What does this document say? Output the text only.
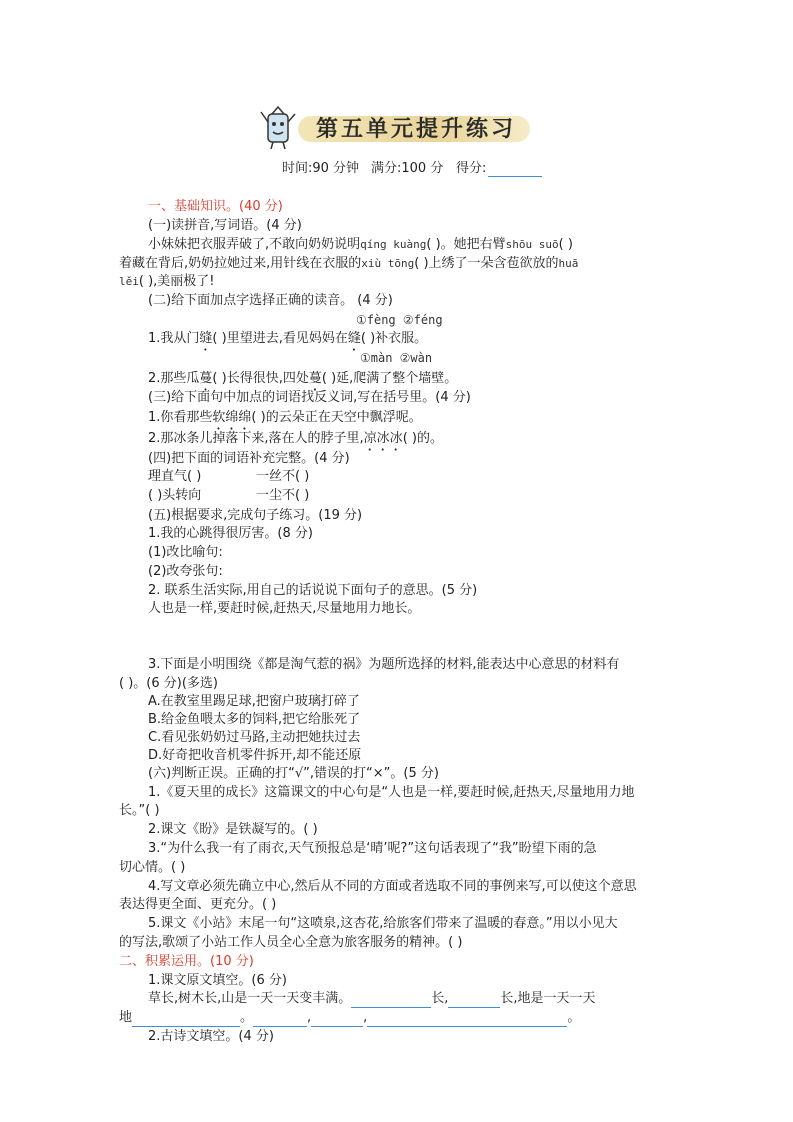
第五单元提升练习
时间:90 分钟 满分:100 分 得分:
一、基础知识。(40 分)
(一)读拼音,写词语。(4 分)
小妹妹把衣服弄破了,不敢向奶奶说明qíng kuàng( )。她把右臂shōu suō( )
着藏在背后,奶奶拉她过来,用针线在衣服的xiù tōng( )上绣了一朵含苞欲放的huā
lěi( ),美丽极了!
(二)给下面加点字选择正确的读音。 (4 分)
①fèng ②féng
1.我从门缝( )里望进去,看见妈妈在缝( )补衣服。
①màn ②wàn
2.那些瓜蔓( )长得很快,四处蔓( )延,爬满了整个墙壁。
(三)给下面句中加点的词语找反义词,写在括号里。(4 分)
1.你看那些软绵绵( )的云朵正在天空中飘浮呢。
2.那冰条儿掉落下来,落在人的脖子里,凉冰冰( )的。
(四)把下面的词语补充完整。(4 分)
理直气( )	一丝不( )
( )头转向	一尘不( )
(五)根据要求,完成句子练习。(19 分)
1.我的心跳得很厉害。(8 分)
(1)改比喻句:
(2)改夸张句:
2. 联系生活实际,用自己的话说说下面句子的意思。(5 分)
人也是一样,要赶时候,赶热天,尽量地用力地长。
3.下面是小明围绕《都是淘气惹的祸》为题所选择的材料,能表达中心意思的材料有
( )。(6 分)(多选)
A.在教室里踢足球,把窗户玻璃打碎了
B.给金鱼喂太多的饲料,把它给胀死了
C.看见张奶奶过马路,主动把她扶过去
D.好奇把收音机零件拆开,却不能还原
(六)判断正误。正确的打“√”,错误的打“×”。(5 分)
1.《夏天里的成长》这篇课文的中心句是“人也是一样,要赶时候,赶热天,尽量地用力地
长。”( )
2.课文《盼》是铁凝写的。( )
3.“为什么我一有了雨衣,天气预报总是‘晴’呢?”这句话表现了“我”盼望下雨的急
切心情。( )
4.写文章必须先确立中心,然后从不同的方面或者选取不同的事例来写,可以使这个意思
表达得更全面、更充分。( )
5.课文《小站》末尾一句“这喷泉,这杏花,给旅客们带来了温暖的春意。”用以小见大
的写法,歌颂了小站工作人员全心全意为旅客服务的精神。( )
二、积累运用。(10 分)
1.课文原文填空。(6 分)
草长,树木长,山是一天一天变丰满。	长,	长,地是一天一天
地	。	,	,	。
2.古诗文填空。(4 分)
